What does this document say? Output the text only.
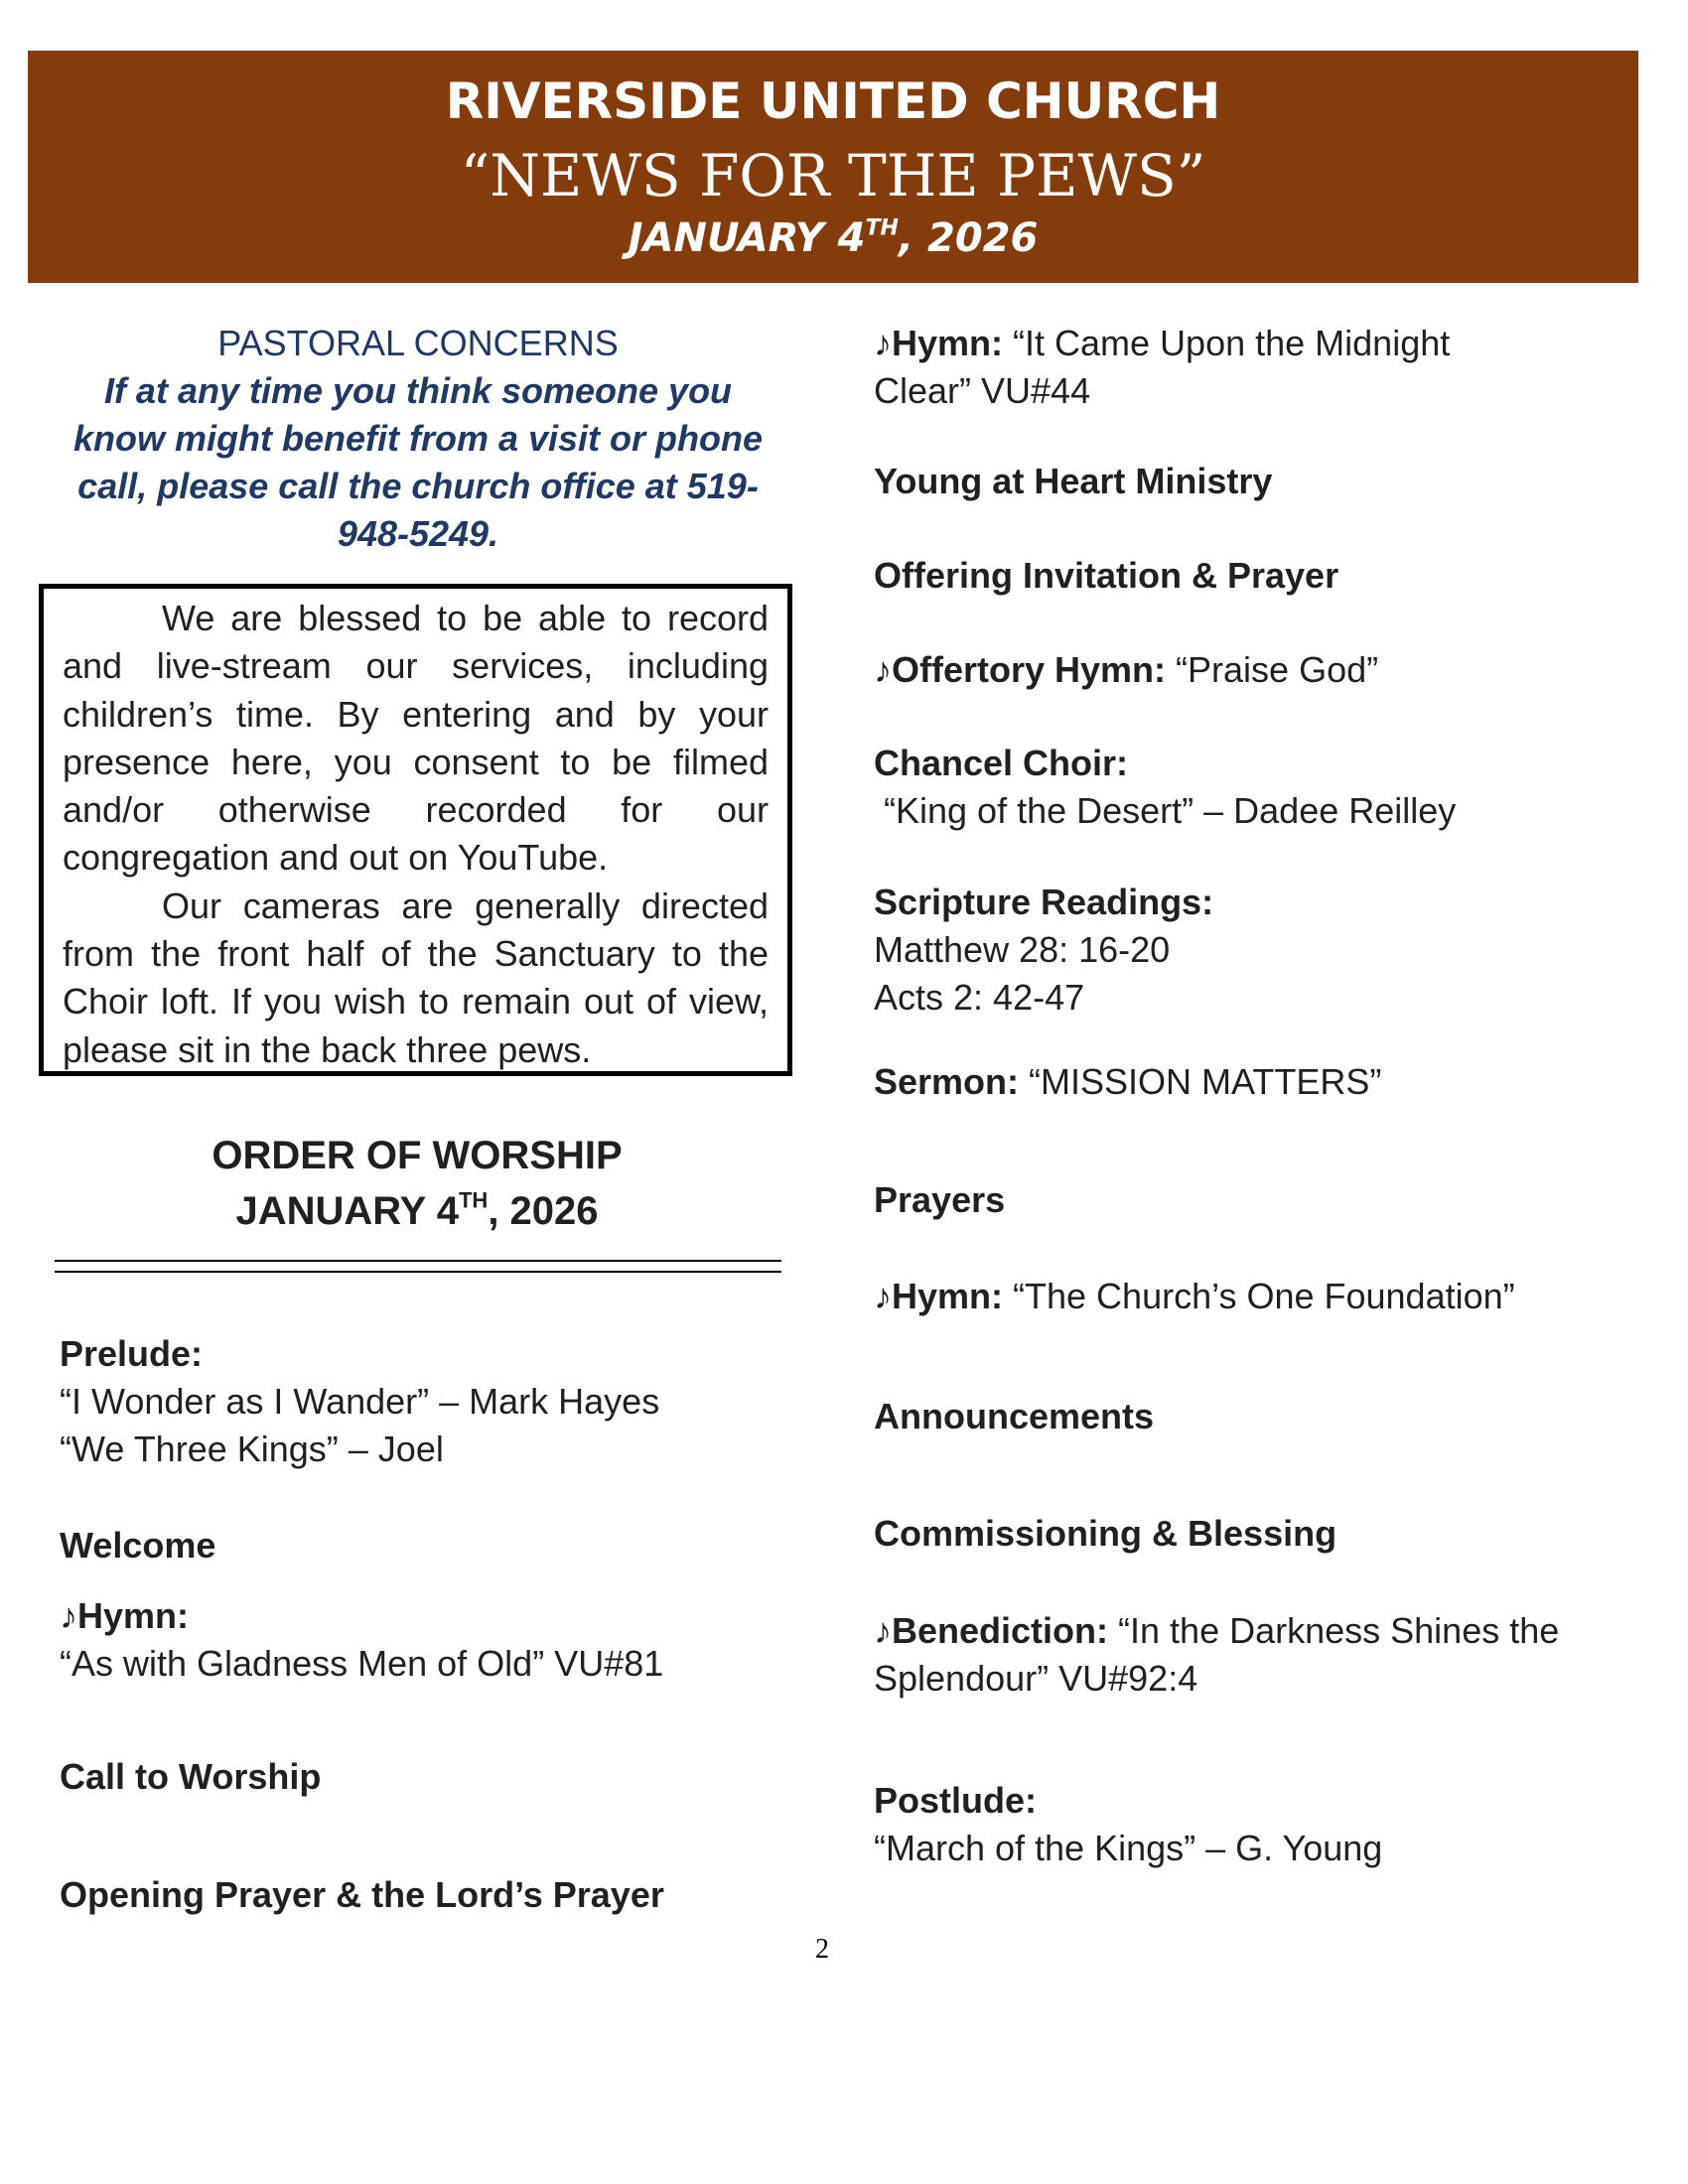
RIVERSIDE UNITED CHURCH
“NEWS FOR THE PEWS”
JANUARY 4TH, 2026
PASTORAL CONCERNS
If at any time you think someone you know might benefit from a visit or phone call, please call the church office at 519-948-5249.

We are blessed to be able to record and live-stream our services, including children’s time. By entering and by your presence here, you consent to be filmed and/or otherwise recorded for our congregation and out on YouTube.

Our cameras are generally directed from the front half of the Sanctuary to the Choir loft. If you wish to remain out of view, please sit in the back three pews.

ORDER OF WORSHIP
JANUARY 4TH, 2026
Prelude:
“I Wonder as I Wander” – Mark Hayes
“We Three Kings” – Joel
Welcome
♪Hymn:
“As with Gladness Men of Old” VU#81
Call to Worship
Opening Prayer & the Lord’s Prayer
♪Hymn: “It Came Upon the Midnight Clear” VU#44
Young at Heart Ministry
Offering Invitation & Prayer
♪Offertory Hymn: “Praise God”
Chancel Choir:
“King of the Desert” – Dadee Reilley
Scripture Readings:
Matthew 28: 16-20
Acts 2: 42-47
Sermon: “MISSION MATTERS”
Prayers
♪Hymn: “The Church’s One Foundation”
Announcements
Commissioning & Blessing
♪Benediction: “In the Darkness Shines the Splendour” VU#92:4
Postlude:
“March of the Kings” – G. Young
2
